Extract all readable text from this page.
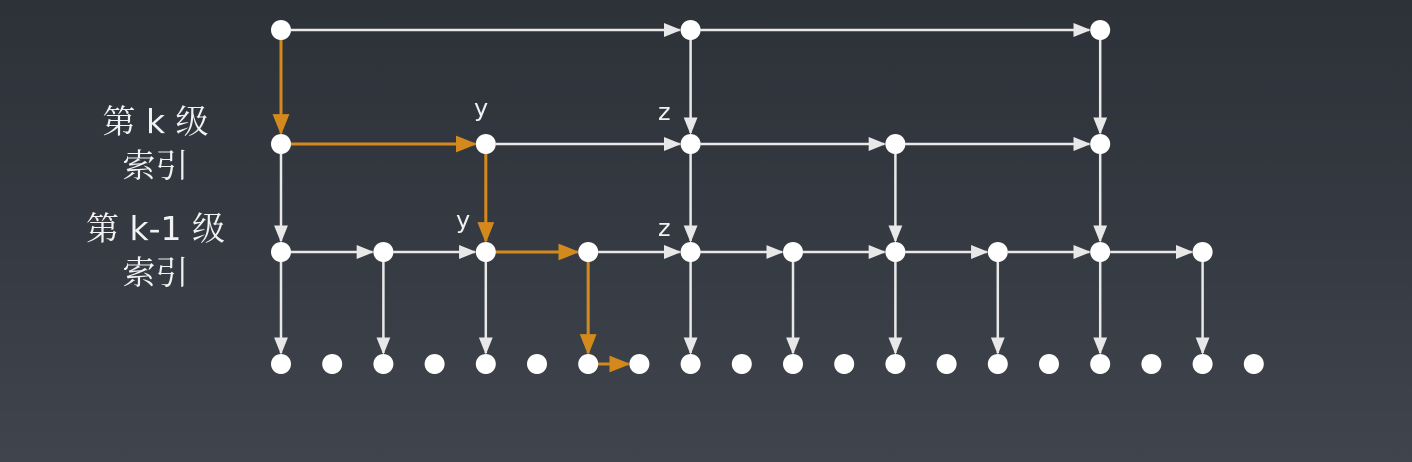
第 k 级
索引
第 k-1 级
索引
y	z
y	z
